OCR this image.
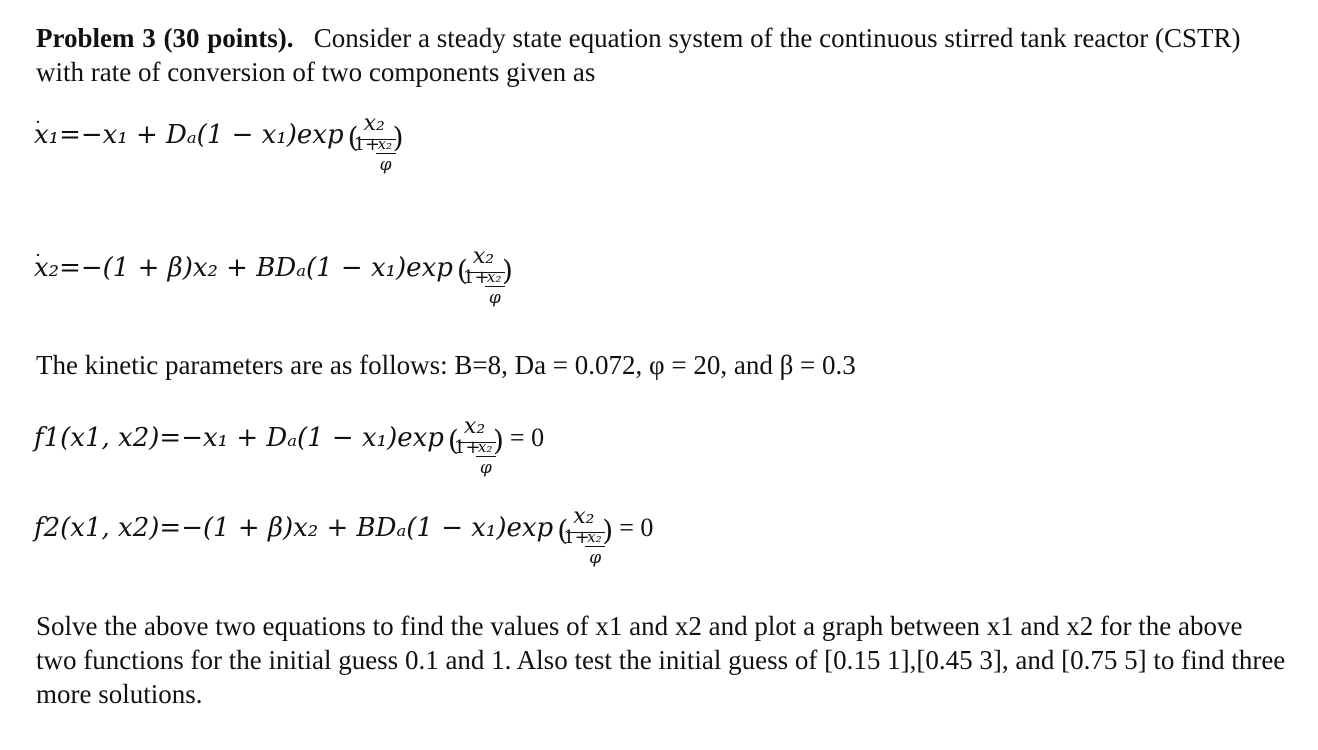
Problem 3 (30 points). Consider a steady state equation system of the continuous stirred tank reactor (CSTR) with rate of conversion of two components given as

x₁= −x₁ + Dₐ(1 − x₁)exp ( x₂
1+
x₂
φ
)
x₂= −(1 + β)x₂ + BDₐ(1 − x₁)exp ( x₂
1+
x₂
φ
)

The kinetic parameters are as follows: B=8, Da = 0.072, φ = 20, and β = 0.3

f1(x1, x2)= −x₁ + Dₐ(1 − x₁)exp ( x₂
1+
x₂
φ
) = 0
f2(x1, x2)= −(1 + β)x₂ + BDₐ(1 − x₁)exp ( x₂
1+
x₂
φ
) = 0

Solve the above two equations to find the values of x1 and x2 and plot a graph between x1 and x2 for the above two functions for the initial guess 0.1 and 1. Also test the initial guess of [0.15 1],[0.45 3], and [0.75 5] to find three more solutions.
